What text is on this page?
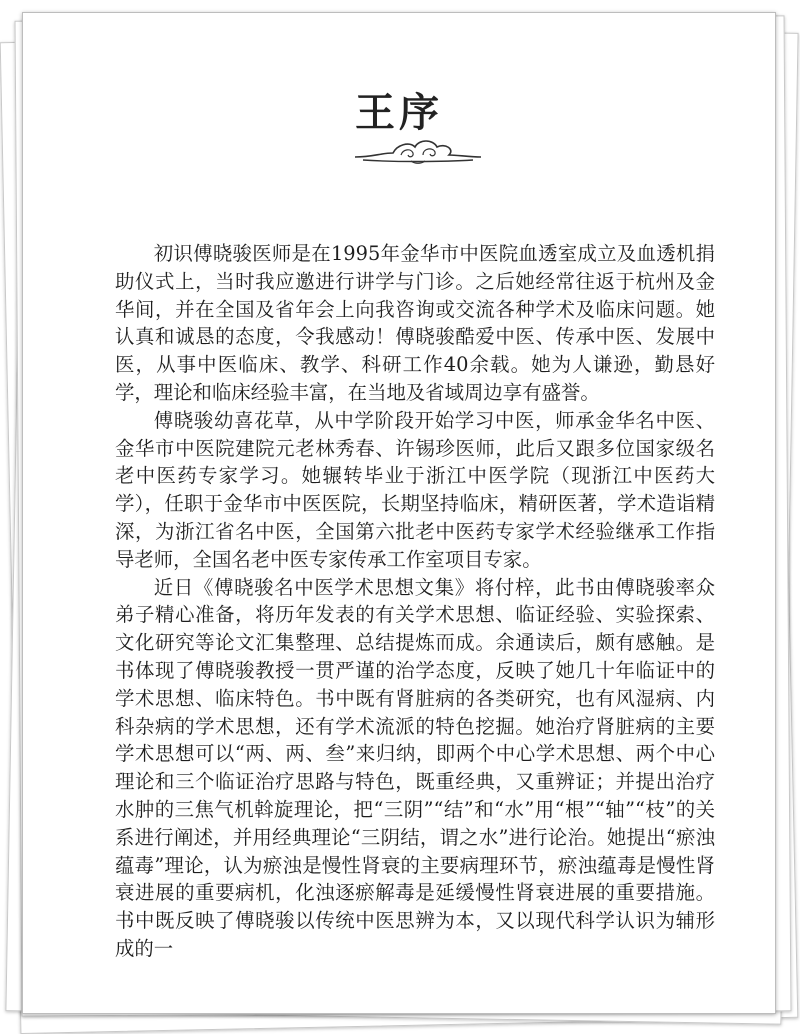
王序

初识傅晓骏医师是在1995年金华市中医院血透室成立及血透机捐助仪式上，当时我应邀进行讲学与门诊。之后她经常往返于杭州及金华间，并在全国及省年会上向我咨询或交流各种学术及临床问题。她认真和诚恳的态度，令我感动！傅晓骏酷爱中医、传承中医、发展中医，从事中医临床、教学、科研工作40余载。她为人谦逊，勤恳好学，理论和临床经验丰富，在当地及省域周边享有盛誉。

傅晓骏幼喜花草，从中学阶段开始学习中医，师承金华名中医、金华市中医院建院元老林秀春、许锡珍医师，此后又跟多位国家级名老中医药专家学习。她辗转毕业于浙江中医学院（现浙江中医药大学），任职于金华市中医医院，长期坚持临床，精研医著，学术造诣精深，为浙江省名中医，全国第六批老中医药专家学术经验继承工作指导老师，全国名老中医专家传承工作室项目专家。

近日《傅晓骏名中医学术思想文集》将付梓，此书由傅晓骏率众弟子精心准备，将历年发表的有关学术思想、临证经验、实验探索、文化研究等论文汇集整理、总结提炼而成。余通读后，颇有感触。是书体现了傅晓骏教授一贯严谨的治学态度，反映了她几十年临证中的学术思想、临床特色。书中既有肾脏病的各类研究，也有风湿病、内科杂病的学术思想，还有学术流派的特色挖掘。她治疗肾脏病的主要学术思想可以“两、两、叁”来归纳，即两个中心学术思想、两个中心理论和三个临证治疗思路与特色，既重经典，又重辨证；并提出治疗水肿的三焦气机斡旋理论，把“三阴”“结”和“水”用“根”“轴”“枝”的关系进行阐述，并用经典理论“三阴结，谓之水”进行论治。她提出“瘀浊蕴毒”理论，认为瘀浊是慢性肾衰的主要病理环节，瘀浊蕴毒是慢性肾衰进展的重要病机，化浊逐瘀解毒是延缓慢性肾衰进展的重要措施。书中既反映了傅晓骏以传统中医思辨为本，又以现代科学认识为辅形成的一
